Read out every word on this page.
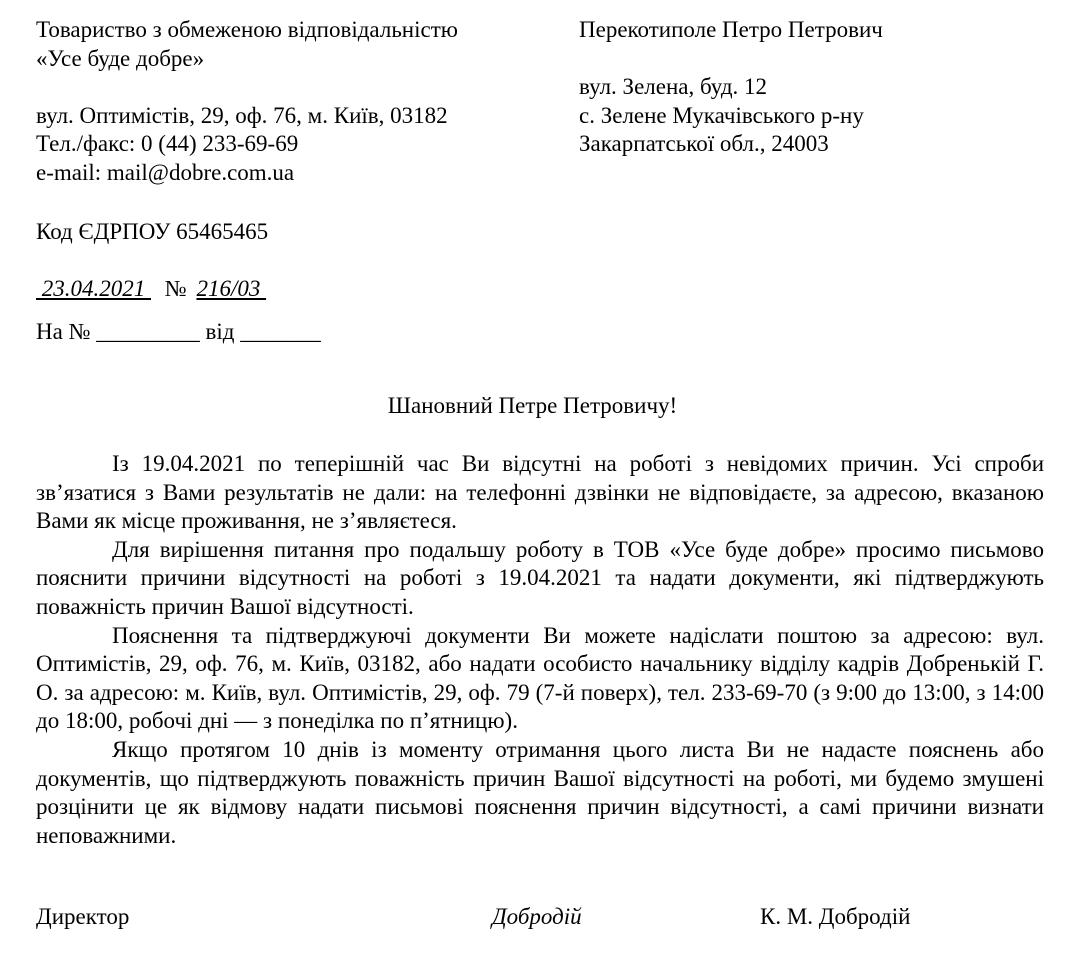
Товариство з обмеженою відповідальністю
«Усе буде добре»
вул. Оптимістів, 29, оф. 76, м. Київ, 03182
Тел./факс: 0 (44) 233-69-69
e-mail: mail@dobre.com.ua
Перекотиполе Петро Петрович
вул. Зелена, буд. 12
с. Зелене Мукачівського р-ну
Закарпатської обл., 24003
Код ЄДРПОУ 65465465
23.04.2021  № 216/03
На № _________ від _______
Шановний Петре Петровичу!

Із 19.04.2021 по теперішній час Ви відсутні на роботі з невідомих причин. Усі спроби зв’язатися з Вами результатів не дали: на телефонні дзвінки не відповідаєте, за адресою, вказаною Вами як місце проживання, не з’являєтеся.

Для вирішення питання про подальшу роботу в ТОВ «Усе буде добре» просимо письмово пояснити причини відсутності на роботі з 19.04.2021 та надати документи, які підтверджують поважність причин Вашої відсутності.

Пояснення та підтверджуючі документи Ви можете надіслати поштою за адресою: вул. Оптимістів, 29, оф. 76, м. Київ, 03182, або надати особисто начальнику відділу кадрів Добренькій Г. О. за адресою: м. Київ, вул. Оптимістів, 29, оф. 79 (7-й поверх), тел. 233-69-70 (з 9:00 до 13:00, з 14:00 до 18:00, робочі дні — з понеділка по п’ятницю).

Якщо протягом 10 днів із моменту отримання цього листа Ви не надасте пояснень або документів, що підтверджують поважність причин Вашої відсутності на роботі, ми будемо змушені розцінити це як відмову надати письмові пояснення причин відсутності, а самі причини визнати неповажними.

Директор	Добродій	К. М. Добродій
